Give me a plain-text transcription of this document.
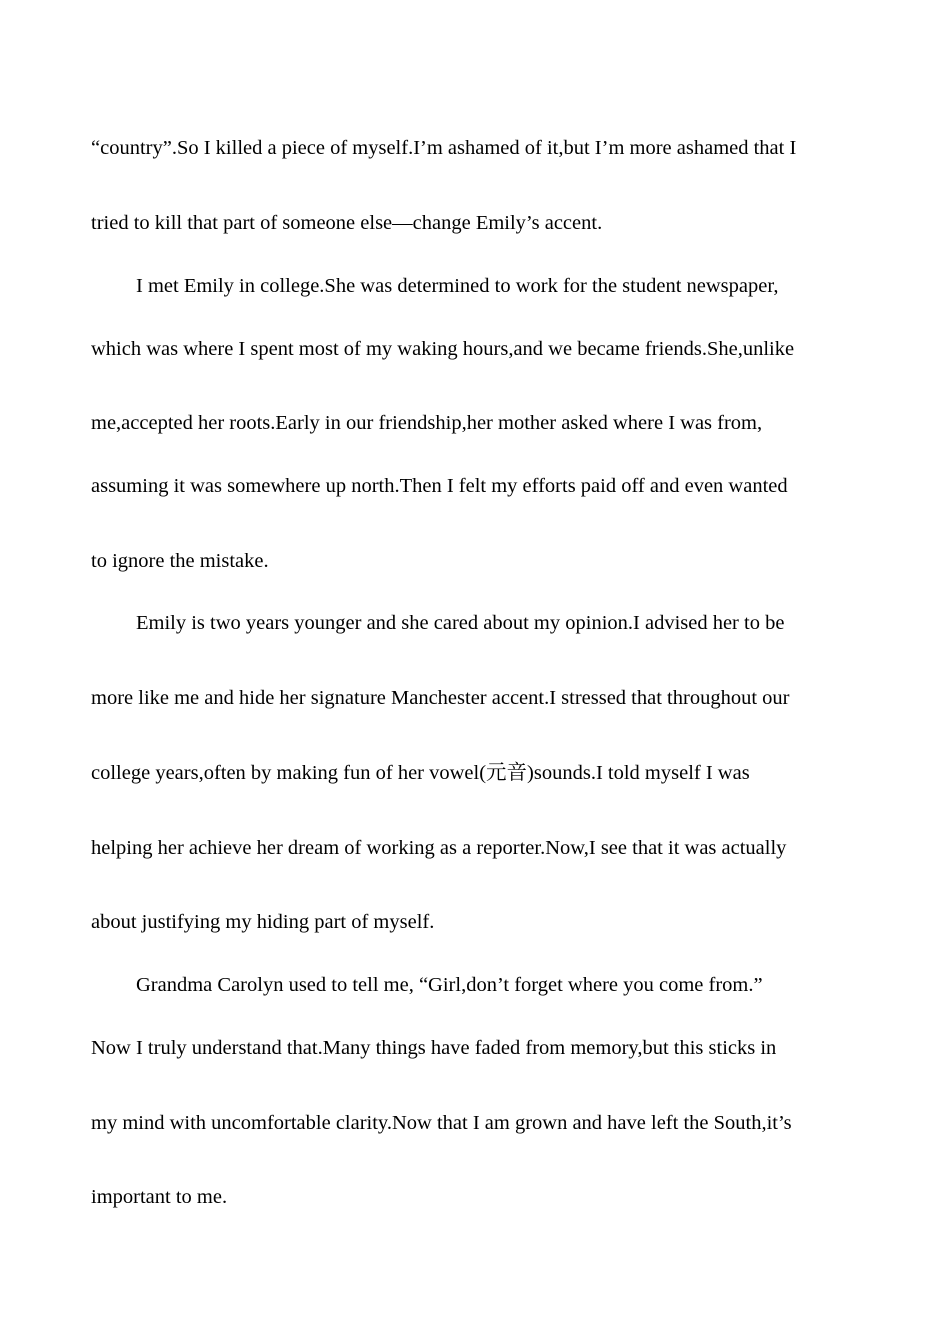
“country”.So I killed a piece of myself.I’m ashamed of it,but I’m more ashamed that I
tried to kill that part of someone else—change Emily’s accent.
I met Emily in college.She was determined to work for the student newspaper,
which was where I spent most of my waking hours,and we became friends.She,unlike
me,accepted her roots.Early in our friendship,her mother asked where I was from,
assuming it was somewhere up north.Then I felt my efforts paid off and even wanted
to ignore the mistake.
Emily is two years younger and she cared about my opinion.I advised her to be
more like me and hide her signature Manchester accent.I stressed that throughout our
college years,often by making fun of her vowel(元音)sounds.I told myself I was
helping her achieve her dream of working as a reporter.Now,I see that it was actually
about justifying my hiding part of myself.
Grandma Carolyn used to tell me, “Girl,don’t forget where you come from.”
Now I truly understand that.Many things have faded from memory,but this sticks in
my mind with uncomfortable clarity.Now that I am grown and have left the South,it’s
important to me.
